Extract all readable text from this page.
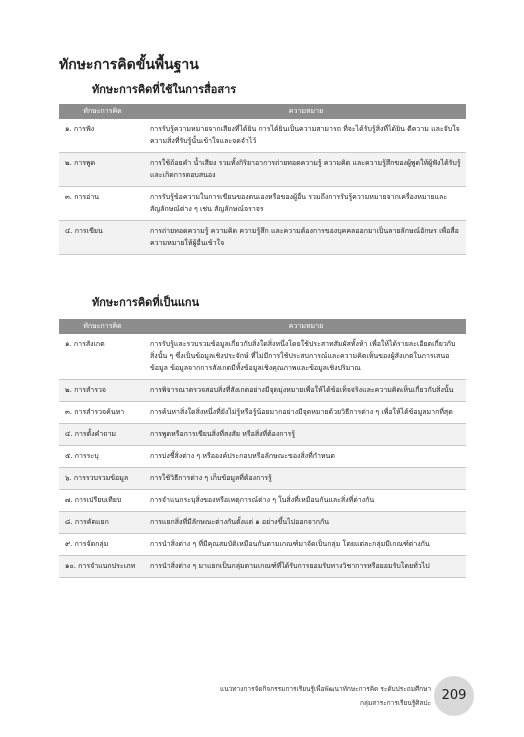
ทักษะการคิดขั้นพื้นฐาน
ทักษะการคิดที่ใช้ในการสื่อสาร
ทักษะการคิด	ความหมาย
๑. การฟัง	การรับรู้ความหมายจากเสียงที่ได้ยิน การได้ยินเป็นความสามารถ ที่จะได้รับรู้สิ่งที่ได้ยิน ตีความ และจับใจความสิ่งที่รับรู้นั้นเข้าใจและจดจำไว้
๒. การพูด	การใช้ถ้อยคำ น้ำเสียง รวมทั้งกิริยาอาการถ่ายทอดความรู้ ความคิด และความรู้สึกของผู้พูดให้ผู้ฟังได้รับรู้และเกิดการตอบสนอง
๓. การอ่าน	การรับรู้ข้อความในการเขียนของตนเองหรือของผู้อื่น รวมถึงการรับรู้ความหมายจากเครื่องหมายและสัญลักษณ์ต่าง ๆ เช่น สัญลักษณ์จราจร
๔. การเขียน	การถ่ายทอดความรู้ ความคิด ความรู้สึก และความต้องการของบุคคลออกมาเป็นลายลักษณ์อักษร เพื่อสื่อความหมายให้ผู้อื่นเข้าใจ
ทักษะการคิดที่เป็นแกน
ทักษะการคิด	ความหมาย
๑. การสังเกต	การรับรู้และรวบรวมข้อมูลเกี่ยวกับสิ่งใดสิ่งหนึ่งโดยใช้ประสาทสัมผัสทั้งห้า เพื่อให้ได้รายละเอียดเกี่ยวกับสิ่งนั้น ๆ ซึ่งเป็นข้อมูลเชิงประจักษ์ ที่ไม่มีการใช้ประสบการณ์และความคิดเห็นของผู้สังเกตในการเสนอข้อมูล ข้อมูลจากการสังเกตมีทั้งข้อมูลเชิงคุณภาพและข้อมูลเชิงปริมาณ
๒. การสำรวจ	การพิจารณาตรวจสอบสิ่งที่สังเกตอย่างมีจุดมุ่งหมายเพื่อให้ได้ข้อเท็จจริงและความคิดเห็นเกี่ยวกับสิ่งนั้น
๓. การสำรวจค้นหา	การค้นหาสิ่งใดสิ่งหนึ่งที่ยังไม่รู้หรือรู้น้อยมากอย่างมีจุดหมายด้วยวิธีการต่าง ๆ เพื่อให้ได้ข้อมูลมากที่สุด
๔. การตั้งคำถาม	การพูดหรือการเขียนสิ่งที่สงสัย หรือสิ่งที่ต้องการรู้
๕. การระบุ	การบ่งชี้สิ่งต่าง ๆ หรือองค์ประกอบหรือลักษณะของสิ่งที่กำหนด
๖. การรวบรวมข้อมูล	การใช้วิธีการต่าง ๆ เก็บข้อมูลที่ต้องการรู้
๗. การเปรียบเทียบ	การจำแนกระบุสิ่งของหรือเหตุการณ์ต่าง ๆ ในสิ่งที่เหมือนกันและสิ่งที่ต่างกัน
๘. การคัดแยก	การแยกสิ่งที่มีลักษณะต่างกันตั้งแต่ ๑ อย่างขึ้นไปออกจากกัน
๙. การจัดกลุ่ม	การนำสิ่งต่าง ๆ ที่มีคุณสมบัติเหมือนกันตามเกณฑ์มาจัดเป็นกลุ่ม โดยแต่ละกลุ่มมีเกณฑ์ต่างกัน
๑๐. การจำแนกประเภท	การนำสิ่งต่าง ๆ มาแยกเป็นกลุ่มตามเกณฑ์ที่ได้รับการยอมรับทางวิชาการหรือยอมรับโดยทั่วไป
แนวทางการจัดกิจกรรมการเรียนรู้เพื่อพัฒนาทักษะการคิด ระดับประถมศึกษา
กลุ่มสาระการเรียนรู้ศิลปะ 209
